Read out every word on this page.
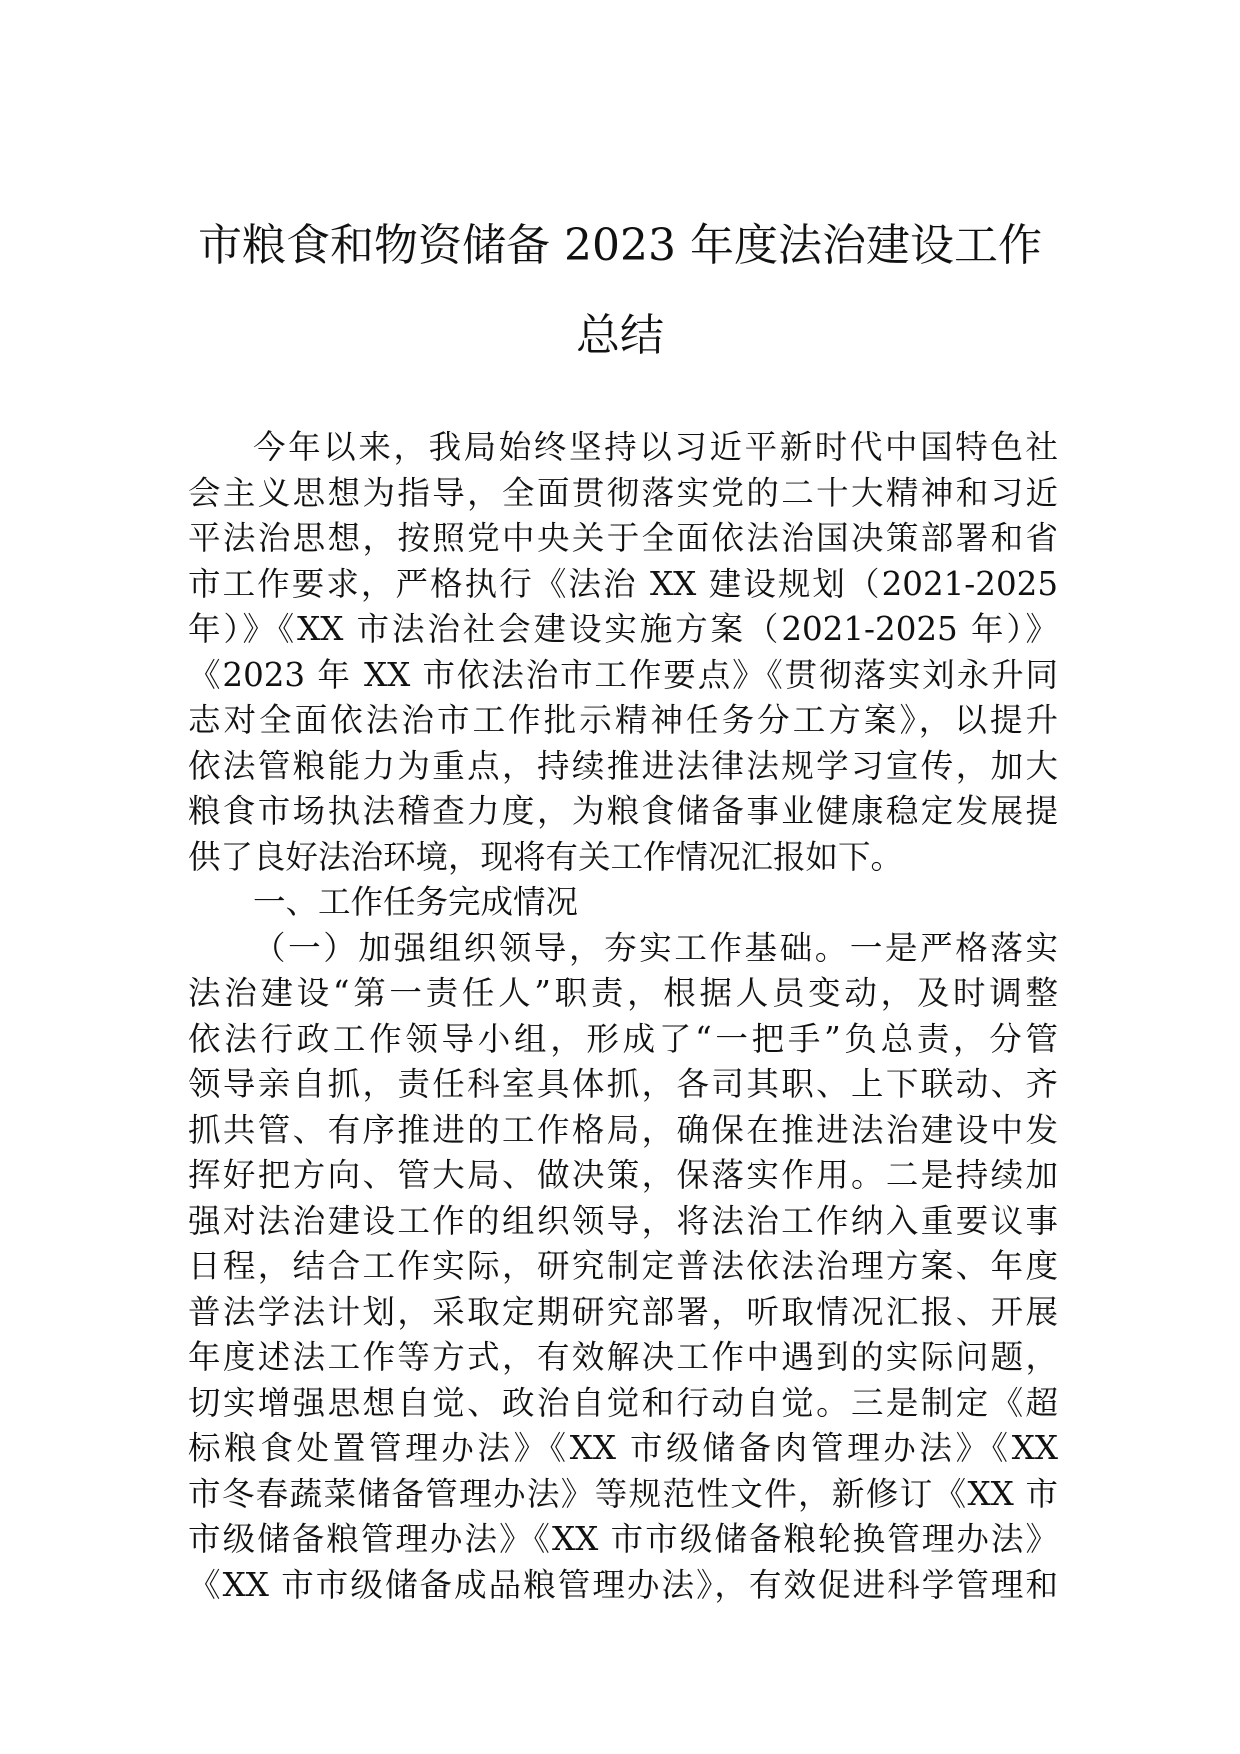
市粮食和物资储备 2023 年度法治建设工作
总结
今年以来，我局始终坚持以习近平新时代中国特色社
会主义思想为指导，全面贯彻落实党的二十大精神和习近
平法治思想，按照党中央关于全面依法治国决策部署和省
市工作要求，严格执行《法治 XX 建设规划（2021-2025
年）》《XX 市法治社会建设实施方案（2021-2025 年）》
《2023 年 XX 市依法治市工作要点》《贯彻落实刘永升同
志对全面依法治市工作批示精神任务分工方案》，以提升
依法管粮能力为重点，持续推进法律法规学习宣传，加大
粮食市场执法稽查力度，为粮食储备事业健康稳定发展提
供了良好法治环境，现将有关工作情况汇报如下。
一、工作任务完成情况
（一）加强组织领导，夯实工作基础。一是严格落实
法治建设“第一责任人”职责，根据人员变动，及时调整
依法行政工作领导小组，形成了“一把手”负总责，分管
领导亲自抓，责任科室具体抓，各司其职、上下联动、齐
抓共管、有序推进的工作格局，确保在推进法治建设中发
挥好把方向、管大局、做决策，保落实作用。二是持续加
强对法治建设工作的组织领导，将法治工作纳入重要议事
日程，结合工作实际，研究制定普法依法治理方案、年度
普法学法计划，采取定期研究部署，听取情况汇报、开展
年度述法工作等方式，有效解决工作中遇到的实际问题，
切实增强思想自觉、政治自觉和行动自觉。三是制定《超
标粮食处置管理办法》《XX 市级储备肉管理办法》《XX
市冬春蔬菜储备管理办法》等规范性文件，新修订《XX 市
市级储备粮管理办法》《XX 市市级储备粮轮换管理办法》
《XX 市市级储备成品粮管理办法》，有效促进科学管理和
